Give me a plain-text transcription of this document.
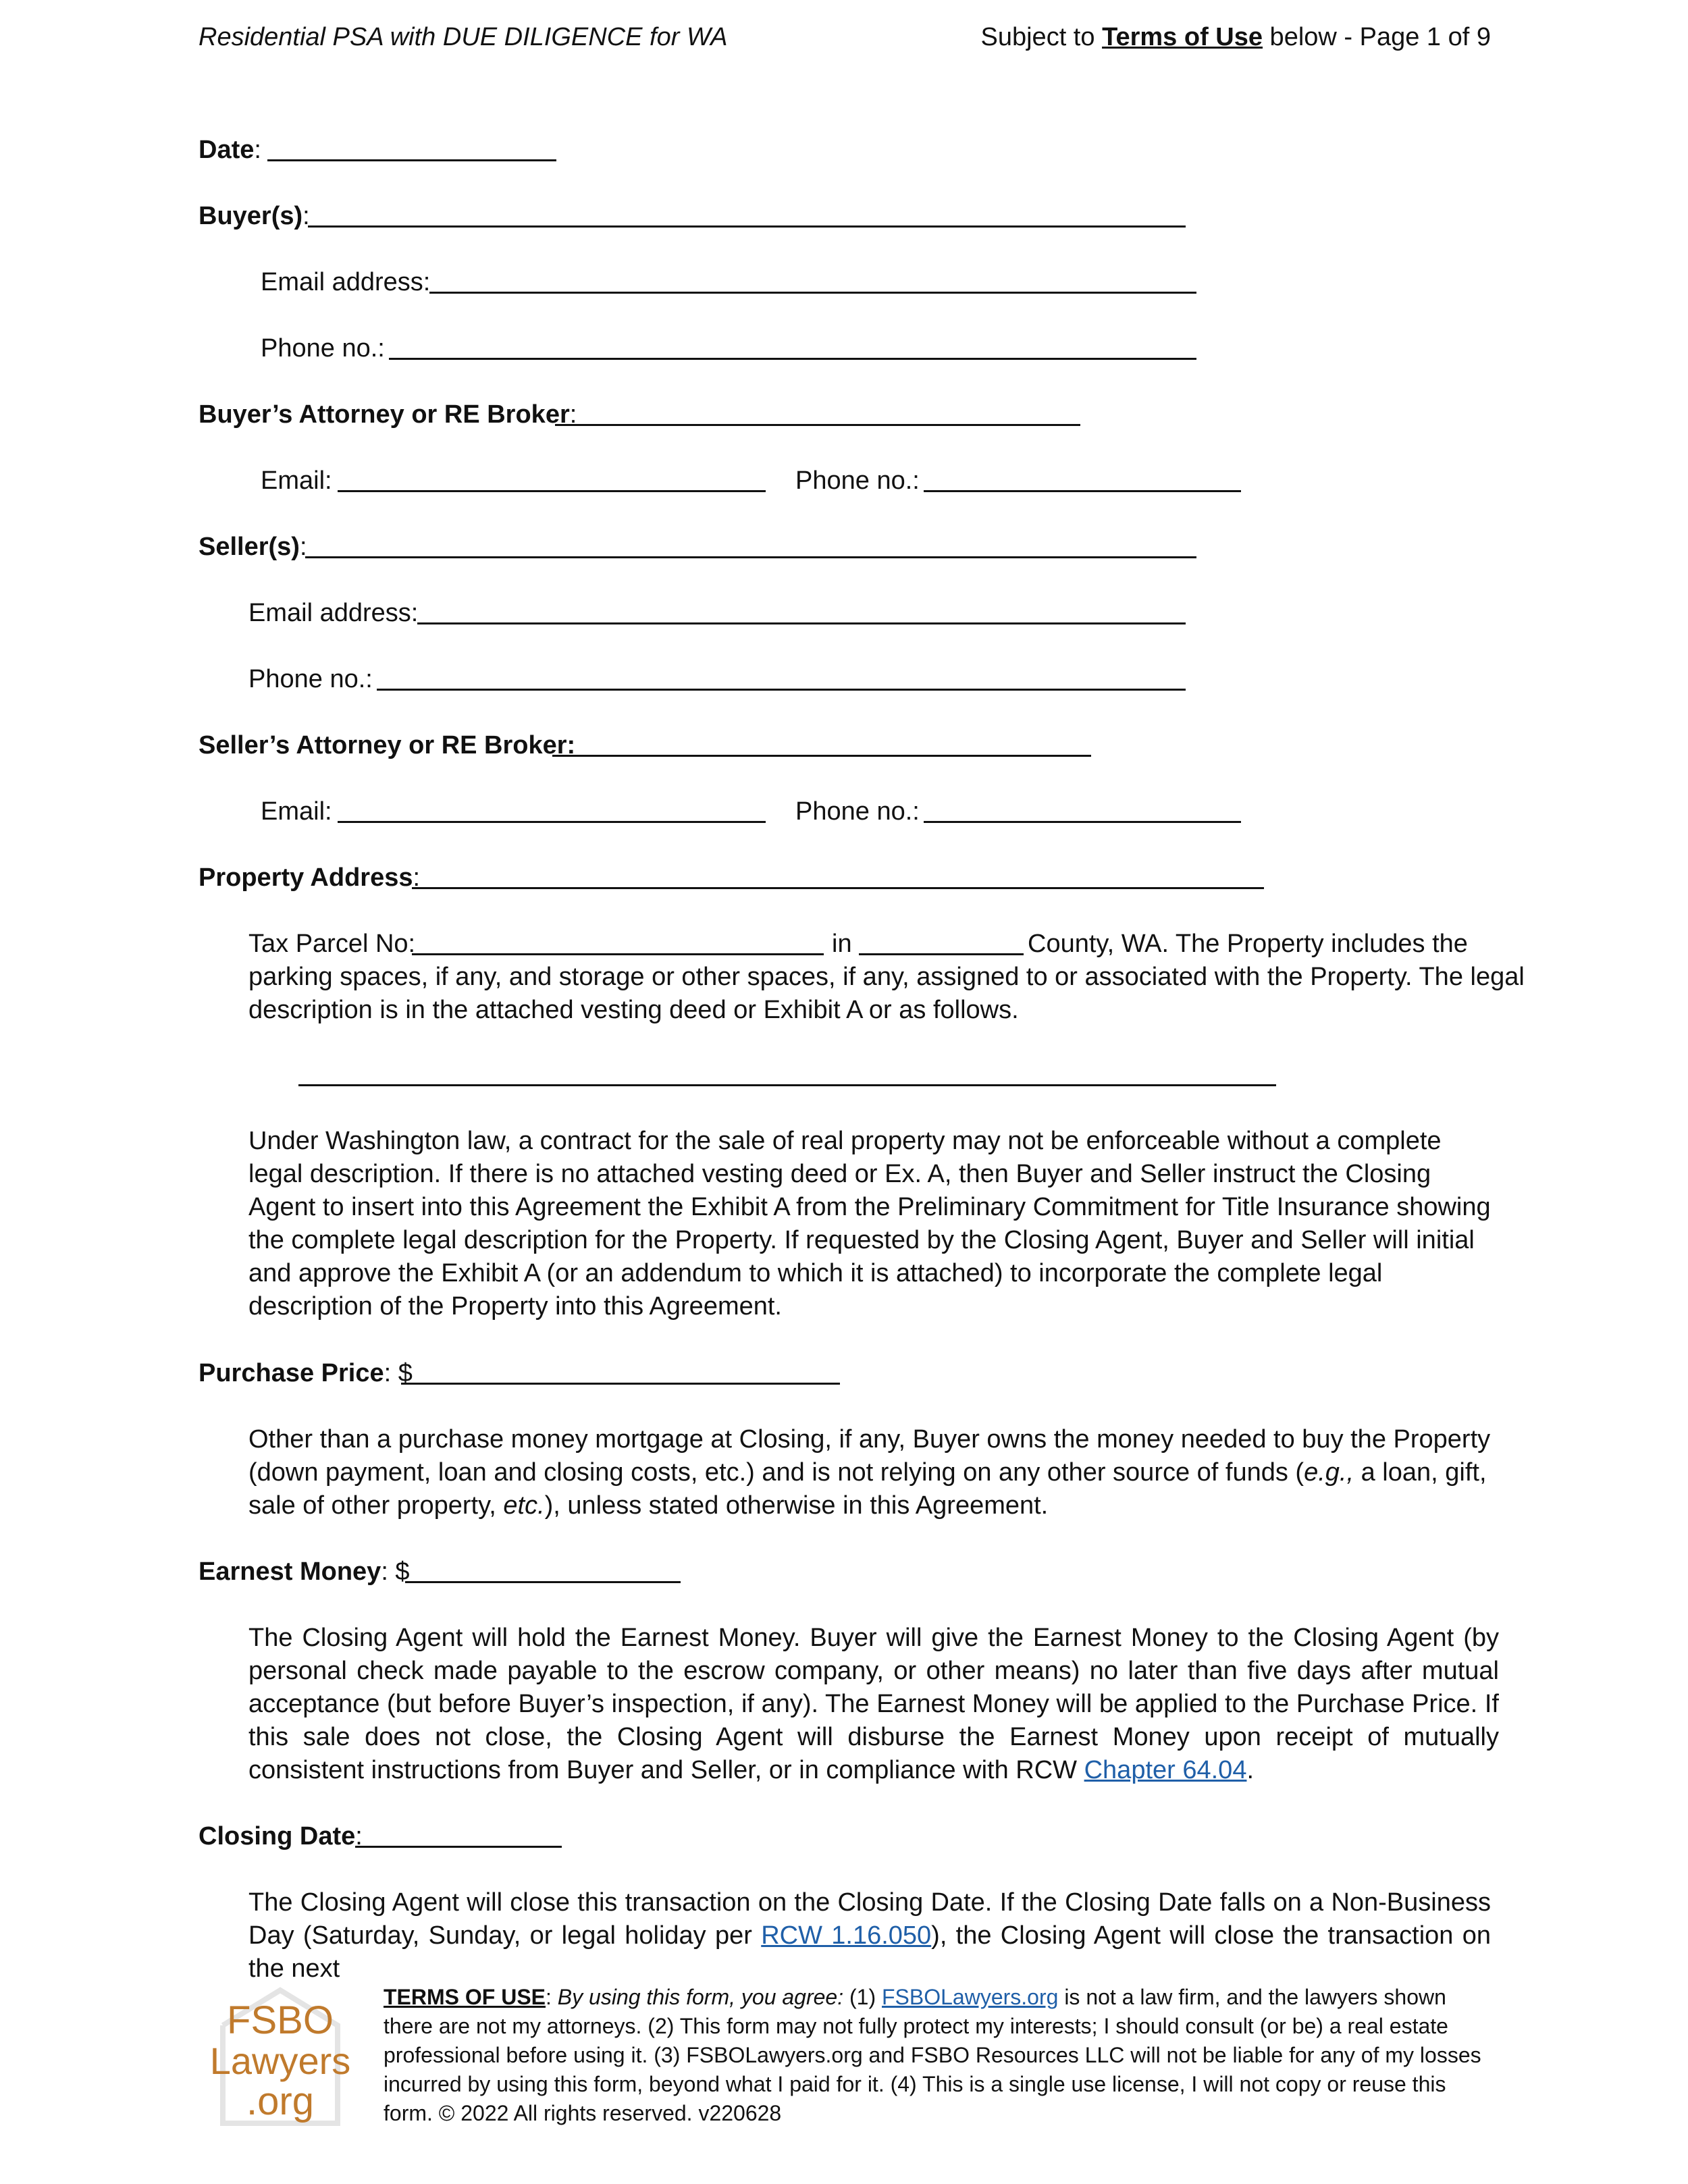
Residential PSA with DUE DILIGENCE for WA	Subject to Terms of Use below - Page 1 of 9
Date:
Buyer(s):
Email address:
Phone no.:
Buyer’s Attorney or RE Broker:
Email:	Phone no.:
Seller(s):
Email address:
Phone no.:
Seller’s Attorney or RE Broker:
Email:	Phone no.:
Property Address:
Tax Parcel No:	in	County, WA. The Property includes the
parking spaces, if any, and storage or other spaces, if any, assigned to or associated with the Property. The legal
description is in the attached vesting deed or Exhibit A or as follows.
Under Washington law, a contract for the sale of real property may not be enforceable without a complete legal description. If there is no attached vesting deed or Ex. A, then Buyer and Seller instruct the Closing Agent to insert into this Agreement the Exhibit A from the Preliminary Commitment for Title Insurance showing the complete legal description for the Property. If requested by the Closing Agent, Buyer and Seller will initial and approve the Exhibit A (or an addendum to which it is attached) to incorporate the complete legal description of the Property into this Agreement.
Purchase Price: $
Other than a purchase money mortgage at Closing, if any, Buyer owns the money needed to buy the Property (down payment, loan and closing costs, etc.) and is not relying on any other source of funds (e.g., a loan, gift, sale of other property, etc.), unless stated otherwise in this Agreement.
Earnest Money: $
The Closing Agent will hold the Earnest Money. Buyer will give the Earnest Money to the Closing Agent (by personal check made payable to the escrow company, or other means) no later than five days after mutual acceptance (but before Buyer’s inspection, if any). The Earnest Money will be applied to the Purchase Price. If this sale does not close, the Closing Agent will disburse the Earnest Money upon receipt of mutually consistent instructions from Buyer and Seller, or in compliance with RCW Chapter 64.04.
Closing Date:
The Closing Agent will close this transaction on the Closing Date. If the Closing Date falls on a Non-Business Day (Saturday, Sunday, or legal holiday per RCW 1.16.050), the Closing Agent will close the transaction on the next
FSBO
Lawyers
.org
TERMS OF USE: By using this form, you agree: (1) FSBOLawyers.org is not a law firm, and the lawyers shown there are not my attorneys. (2) This form may not fully protect my interests; I should consult (or be) a real estate professional before using it. (3) FSBOLawyers.org and FSBO Resources LLC will not be liable for any of my losses incurred by using this form, beyond what I paid for it. (4) This is a single use license, I will not copy or reuse this form. © 2022 All rights reserved. v220628
